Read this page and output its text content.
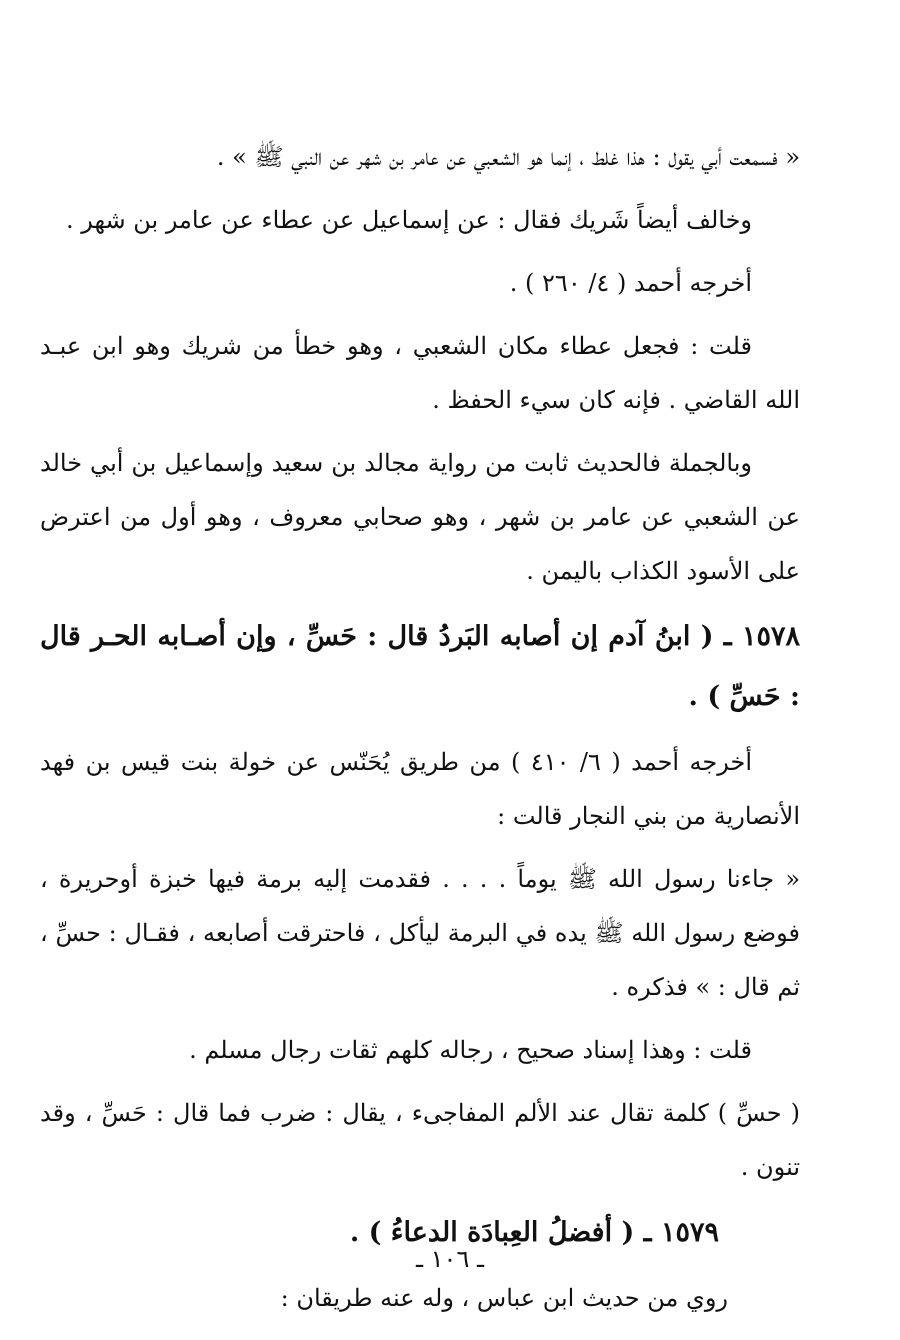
« فسمعت أبي يقول : هذا غلط ، إنما هو الشعبي عن عامر بن شهر عن النبي ﷺ » .

وخالف أيضاً شَريك فقال : عن إسماعيل عن عطاء عن عامر بن شهر .

أخرجه أحمد ( ٤/ ٢٦٠ ) .

قلت : فجعل عطاء مكان الشعبي ، وهو خطأ من شريك وهو ابن عبـد الله القاضي . فإنه كان سيء الحفظ .

وبالجملة فالحديث ثابت من رواية مجالد بن سعيد وإسماعيل بن أبي خالد عن الشعبي عن عامر بن شهر ، وهو صحابي معروف ، وهو أول من اعترض على الأسود الكذاب باليمن .

١٥٧٨ ـ ( ابنُ آدم إن أصابه البَردُ قال : حَسِّ ، وإن أصـابه الحـر قال : حَسِّ ) .

أخرجه أحمد ( ٦/ ٤١٠ ) من طريق يُحَنّس عن خولة بنت قيس بن فهد الأنصارية من بني النجار قالت :

« جاءنا رسول الله ﷺ يوماً . . . . فقدمت إليه برمة فيها خبزة أوحريرة ، فوضع رسول الله ﷺ يده في البرمة ليأكل ، فاحترقت أصابعه ، فقـال : حسِّ ، ثم قال : » فذكره .

قلت : وهذا إسناد صحيح ، رجاله كلهم ثقات رجال مسلم .

( حسِّ ) كلمة تقال عند الألم المفاجىء ، يقال : ضرب فما قال : حَسِّ ، وقد تنون .

١٥٧٩ ـ ( أفضلُ العِبادَة الدعاءُ ) .

روي من حديث ابن عباس ، وله عنه طريقان :

ـ ١٠٦ ـ
